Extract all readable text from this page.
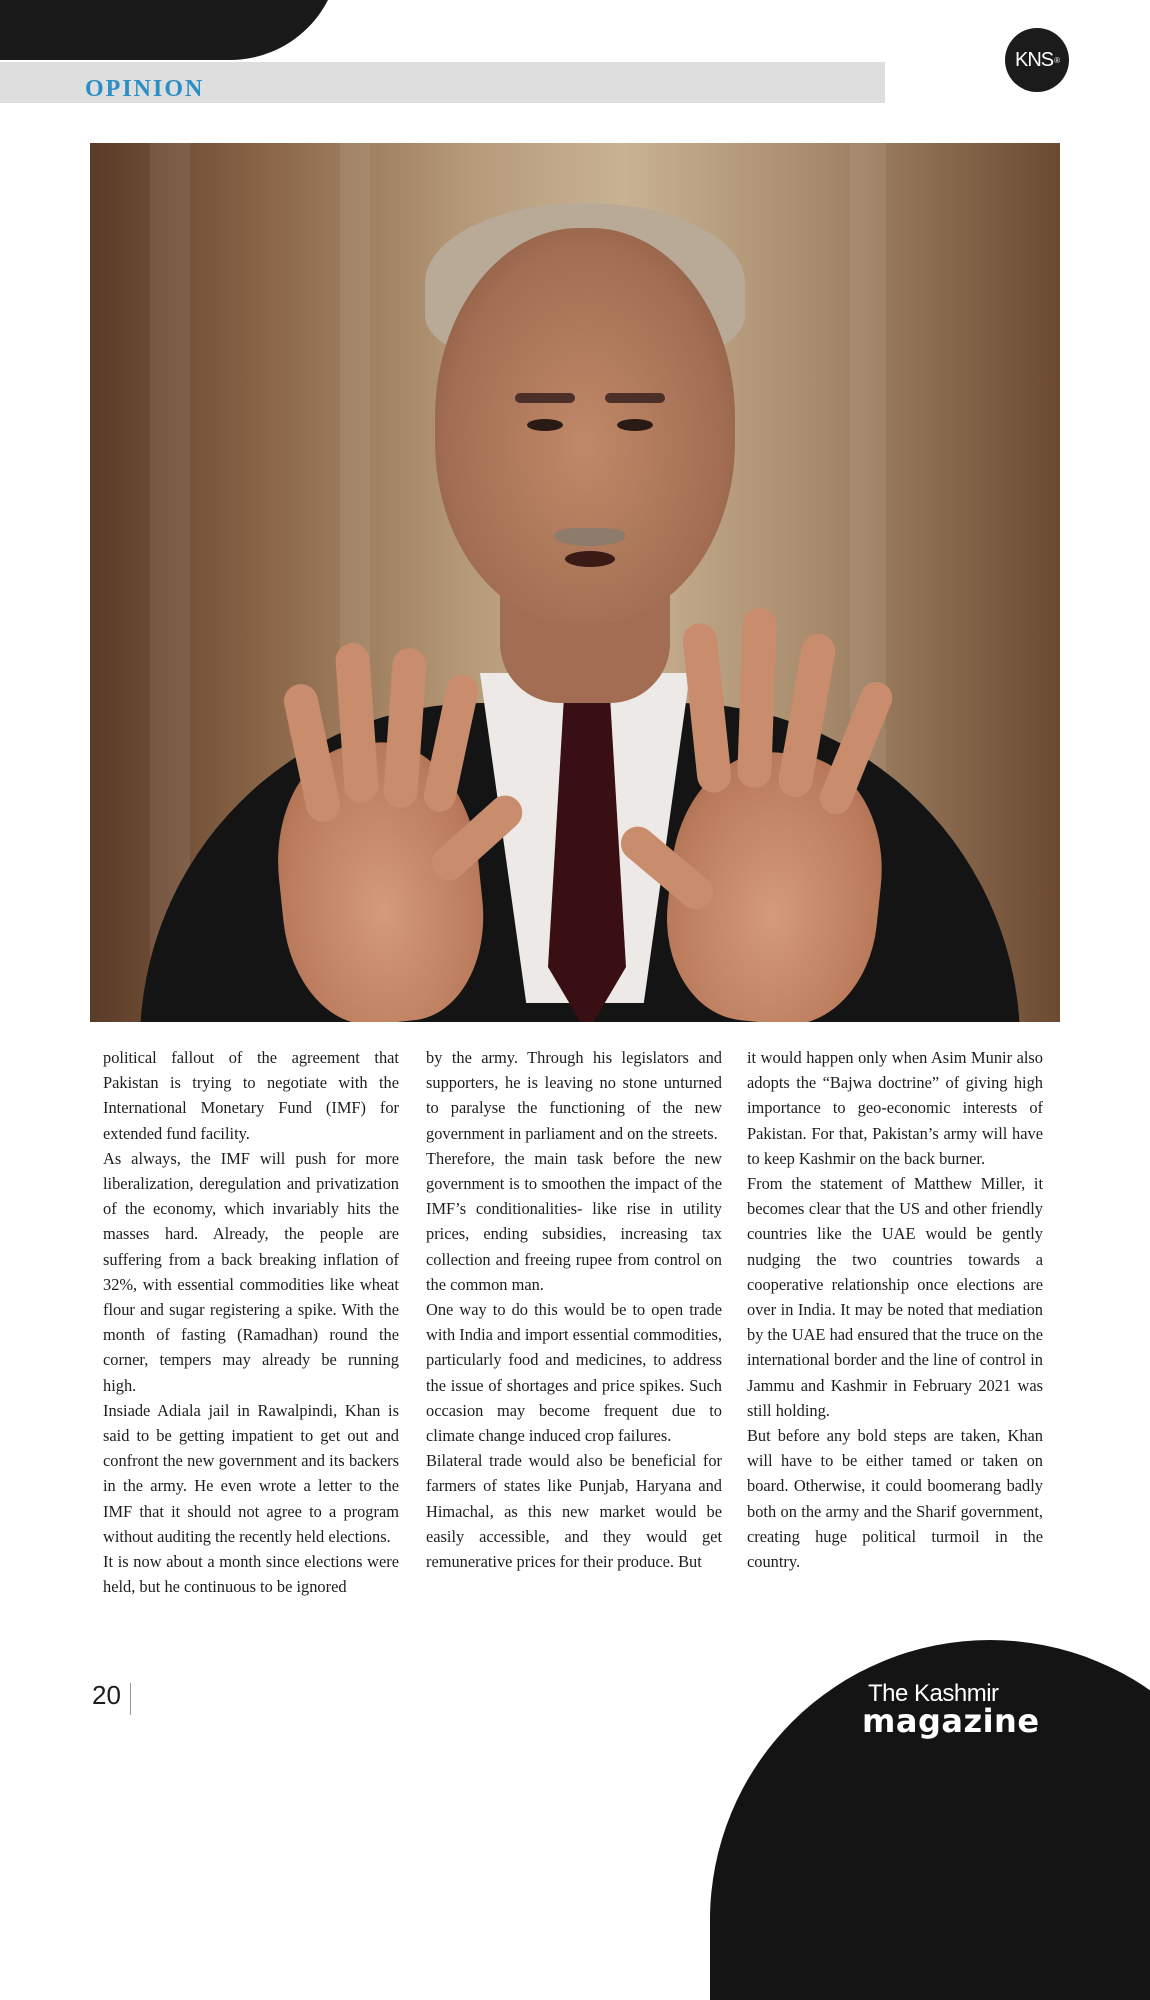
OPINION
KNS ®

political fallout of the agreement that Pakistan is trying to negotiate with the International Monetary Fund (IMF) for extended fund facility.

As always, the IMF will push for more liberalization, deregulation and privatization of the economy, which invariably hits the masses hard. Already, the people are suffering from a back breaking inflation of 32%, with essential commodities like wheat flour and sugar registering a spike. With the month of fasting (Ramadhan) round the corner, tempers may already be running high.

Insiade Adiala jail in Rawalpindi, Khan is said to be getting impatient to get out and confront the new government and its backers in the army. He even wrote a letter to the IMF that it should not agree to a program without auditing the recently held elections.

It is now about a month since elections were held, but he continuous to be ignored

by the army. Through his legislators and supporters, he is leaving no stone unturned to paralyse the functioning of the new government in parliament and on the streets.

Therefore, the main task before the new government is to smoothen the impact of the IMF’s conditionalities- like rise in utility prices, ending subsidies, increasing tax collection and freeing rupee from control on the common man.

One way to do this would be to open trade with India and import essential commodities, particularly food and medicines, to address the issue of shortages and price spikes. Such occasion may become frequent due to climate change induced crop failures.

Bilateral trade would also be beneficial for farmers of states like Punjab, Haryana and Himachal, as this new market would be easily accessible, and they would get remunerative prices for their produce. But

it would happen only when Asim Munir also adopts the “Bajwa doctrine” of giving high importance to geo-economic interests of Pakistan. For that, Pakistan’s army will have to keep Kashmir on the back burner.

From the statement of Matthew Miller, it becomes clear that the US and other friendly countries like the UAE would be gently nudging the two countries towards a cooperative relationship once elections are over in India. It may be noted that mediation by the UAE had ensured that the truce on the international border and the line of control in Jammu and Kashmir in February 2021 was still holding.

But before any bold steps are taken, Khan will have to be either tamed or taken on board. Otherwise, it could boomerang badly both on the army and the Sharif government, creating huge political turmoil in the country.

20	The Kashmir
magazine
